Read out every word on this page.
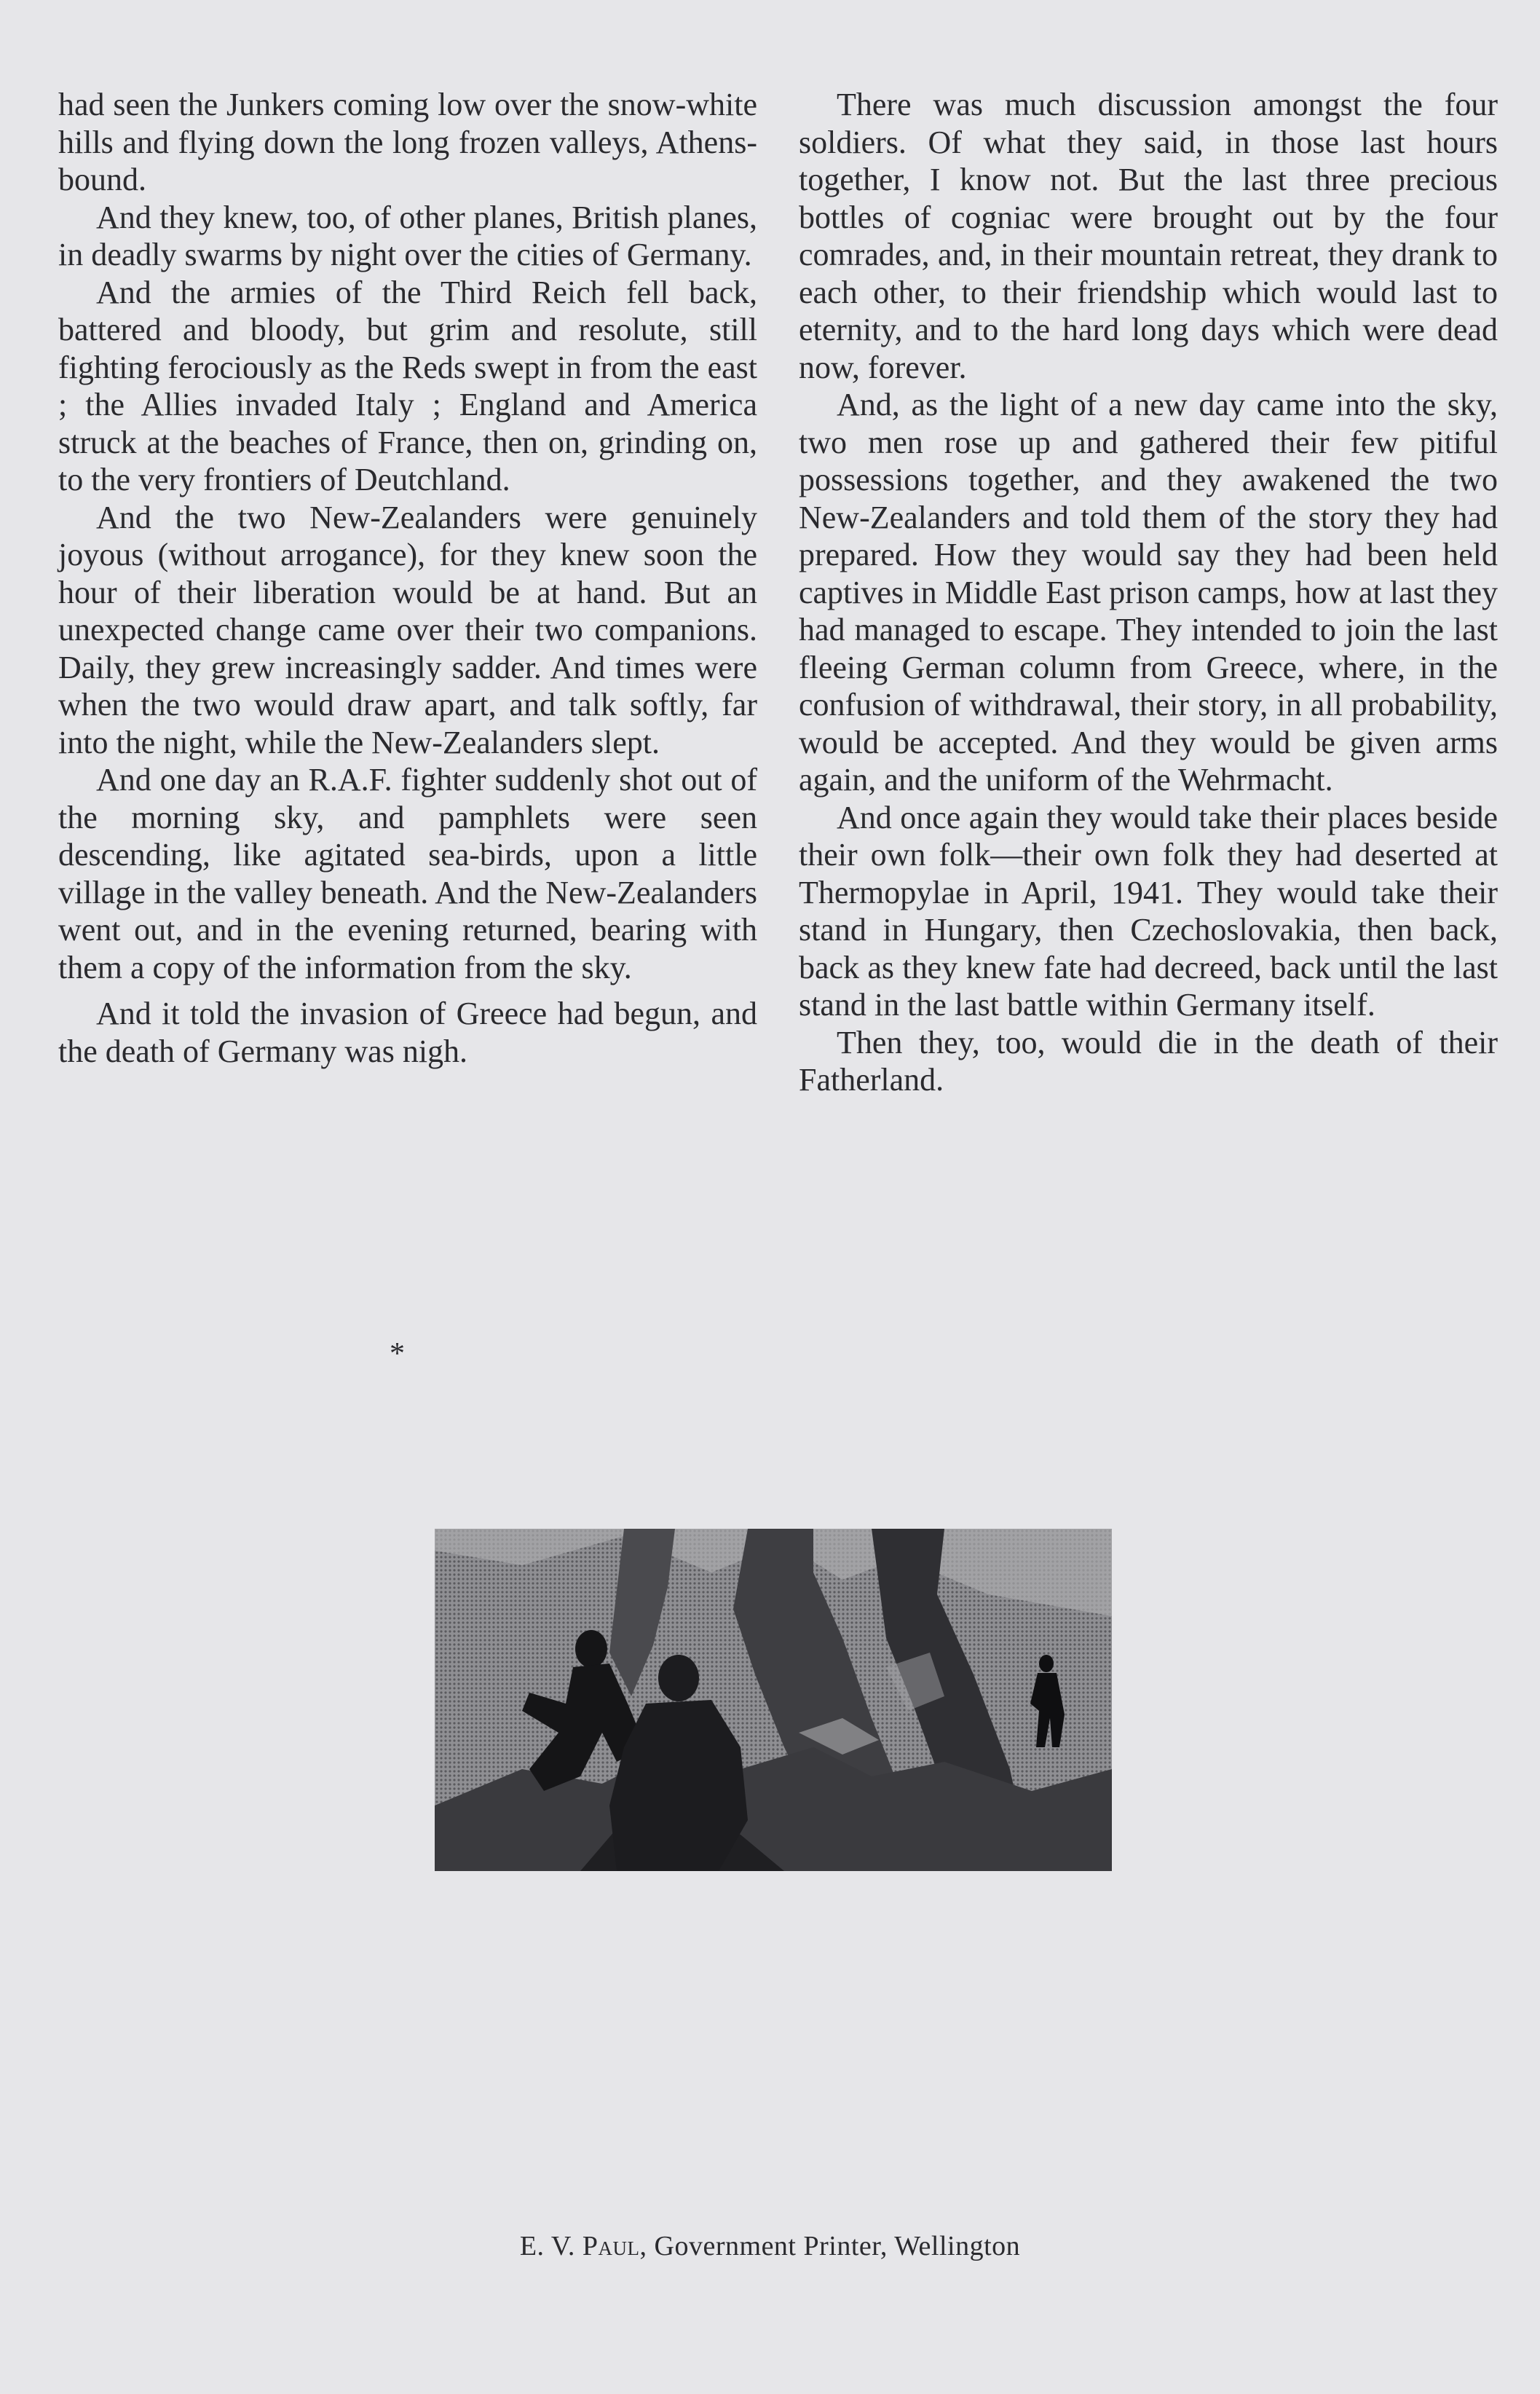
had seen the Junkers coming low over the snow-white hills and flying down the long frozen valleys, Athens-bound.

And they knew, too, of other planes, British planes, in deadly swarms by night over the cities of Germany.

And the armies of the Third Reich fell back, battered and bloody, but grim and resolute, still fighting ferociously as the Reds swept in from the east ; the Allies invaded Italy ; England and America struck at the beaches of France, then on, grinding on, to the very frontiers of Deutchland.

And the two New-Zealanders were genuinely joyous (without arrogance), for they knew soon the hour of their liberation would be at hand. But an unexpected change came over their two companions. Daily, they grew increasingly sadder. And times were when the two would draw apart, and talk softly, far into the night, while the New-Zealanders slept.

And one day an R.A.F. fighter suddenly shot out of the morning sky, and pamphlets were seen descending, like agitated sea-birds, upon a little village in the valley beneath. And the New-Zealanders went out, and in the evening returned, bearing with them a copy of the information from the sky.

And it told the invasion of Greece had begun, and the death of Germany was nigh.

*

There was much discussion amongst the four soldiers. Of what they said, in those last hours together, I know not. But the last three precious bottles of cogniac were brought out by the four comrades, and, in their mountain retreat, they drank to each other, to their friendship which would last to eternity, and to the hard long days which were dead now, forever.

And, as the light of a new day came into the sky, two men rose up and gathered their few pitiful possessions together, and they awakened the two New-Zealanders and told them of the story they had prepared. How they would say they had been held captives in Middle East prison camps, how at last they had managed to escape. They intended to join the last fleeing German column from Greece, where, in the confusion of withdrawal, their story, in all probability, would be accepted. And they would be given arms again, and the uniform of the Wehrmacht.

And once again they would take their places beside their own folk—their own folk they had deserted at Thermopylae in April, 1941. They would take their stand in Hungary, then Czechoslovakia, then back, back as they knew fate had decreed, back until the last stand in the last battle within Germany itself.

Then they, too, would die in the death of their Fatherland.

E. V. Paul, Government Printer, Wellington
